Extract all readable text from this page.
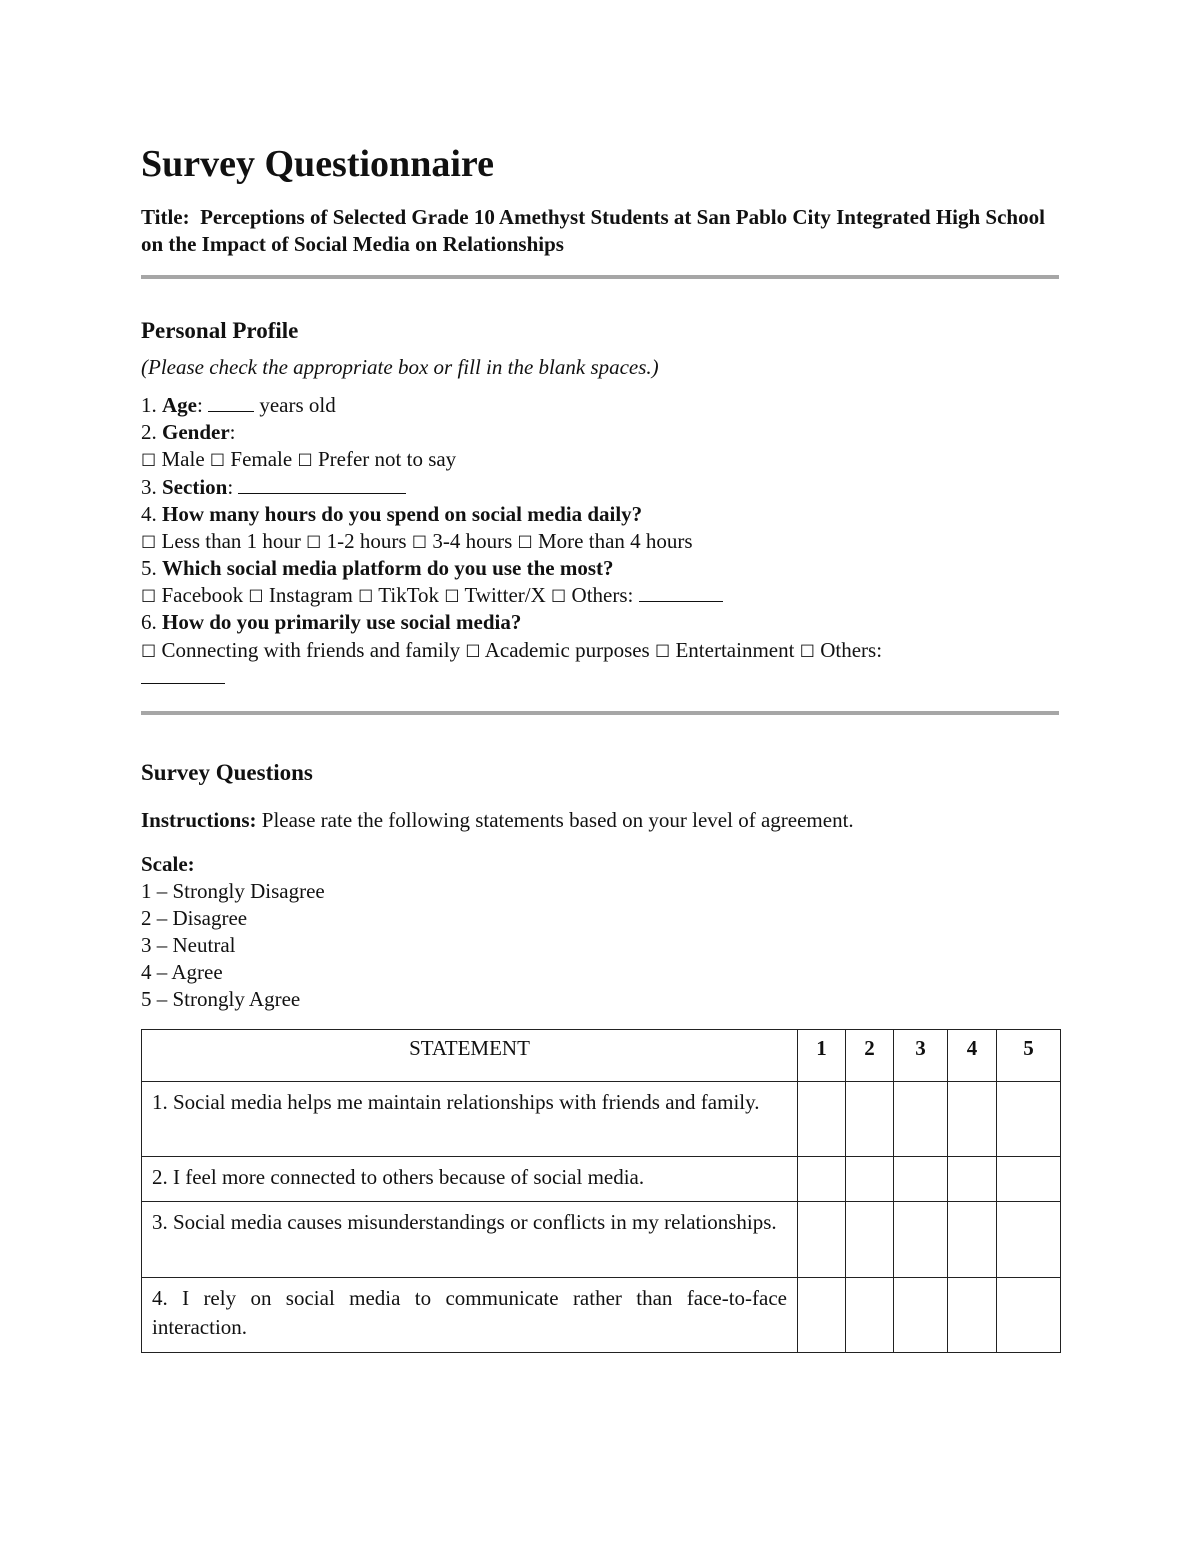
Survey Questionnaire
Title: Perceptions of Selected Grade 10 Amethyst Students at San Pablo City Integrated High School on the Impact of Social Media on Relationships
Personal Profile
(Please check the appropriate box or fill in the blank spaces.)
1. Age:  years old
2. Gender:
☐ Male ☐ Female ☐ Prefer not to say
3. Section:
4. How many hours do you spend on social media daily?
☐ Less than 1 hour ☐ 1-2 hours ☐ 3-4 hours ☐ More than 4 hours
5. Which social media platform do you use the most?
☐ Facebook ☐ Instagram ☐ TikTok ☐ Twitter/X ☐ Others:
6. How do you primarily use social media?
☐ Connecting with friends and family ☐ Academic purposes ☐ Entertainment ☐ Others:
Survey Questions
Instructions: Please rate the following statements based on your level of agreement.
Scale:
1 – Strongly Disagree
2 – Disagree
3 – Neutral
4 – Agree
5 – Strongly Agree
STATEMENT	1	2	3	4	5
1. Social media helps me maintain relationships with friends and family.					
2. I feel more connected to others because of social media.					
3. Social media causes misunderstandings or conflicts in my relationships.					
4. I rely on social media to communicate rather than face-to-face interaction.					
